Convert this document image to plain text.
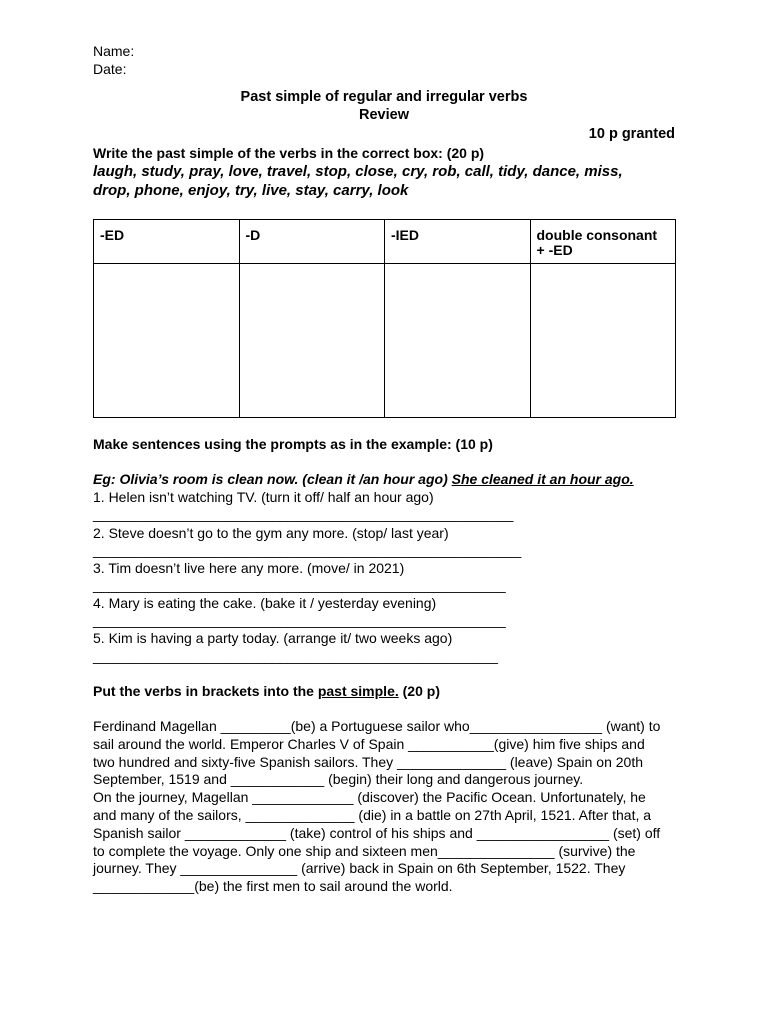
Name:
Date:
Past simple of regular and irregular verbs
Review
10 p granted
Write the past simple of the verbs in the correct box: (20 p)
laugh, study, pray, love, travel, stop, close, cry, rob, call, tidy, dance, miss,
drop, phone, enjoy, try, live, stay, carry, look
-ED	-D	-IED	double consonant
+ -ED

Make sentences using the prompts as in the example: (10 p)
Eg: Olivia’s room is clean now. (clean it /an hour ago) She cleaned it an hour ago.
1. Helen isn’t watching TV. (turn it off/ half an hour ago)
______________________________________________________
2. Steve doesn’t go to the gym any more. (stop/ last year)
_______________________________________________________
3. Tim doesn’t live here any more. (move/ in 2021)
_____________________________________________________
4. Mary is eating the cake. (bake it / yesterday evening)
_____________________________________________________
5. Kim is having a party today. (arrange it/ two weeks ago)
____________________________________________________
Put the verbs in brackets into the past simple. (20 p)
Ferdinand Magellan _________(be) a Portuguese sailor who_________________ (want) to
sail around the world. Emperor Charles V of Spain ___________(give) him five ships and
two hundred and sixty-five Spanish sailors. They ______________ (leave) Spain on 20th
September, 1519 and ____________ (begin) their long and dangerous journey.
On the journey, Magellan _____________ (discover) the Pacific Ocean. Unfortunately, he
and many of the sailors, ______________ (die) in a battle on 27th April, 1521. After that, a
Spanish sailor _____________ (take) control of his ships and _________________ (set) off
to complete the voyage. Only one ship and sixteen men_______________ (survive) the
journey. They _______________ (arrive) back in Spain on 6th September, 1522. They
_____________(be) the first men to sail around the world.
